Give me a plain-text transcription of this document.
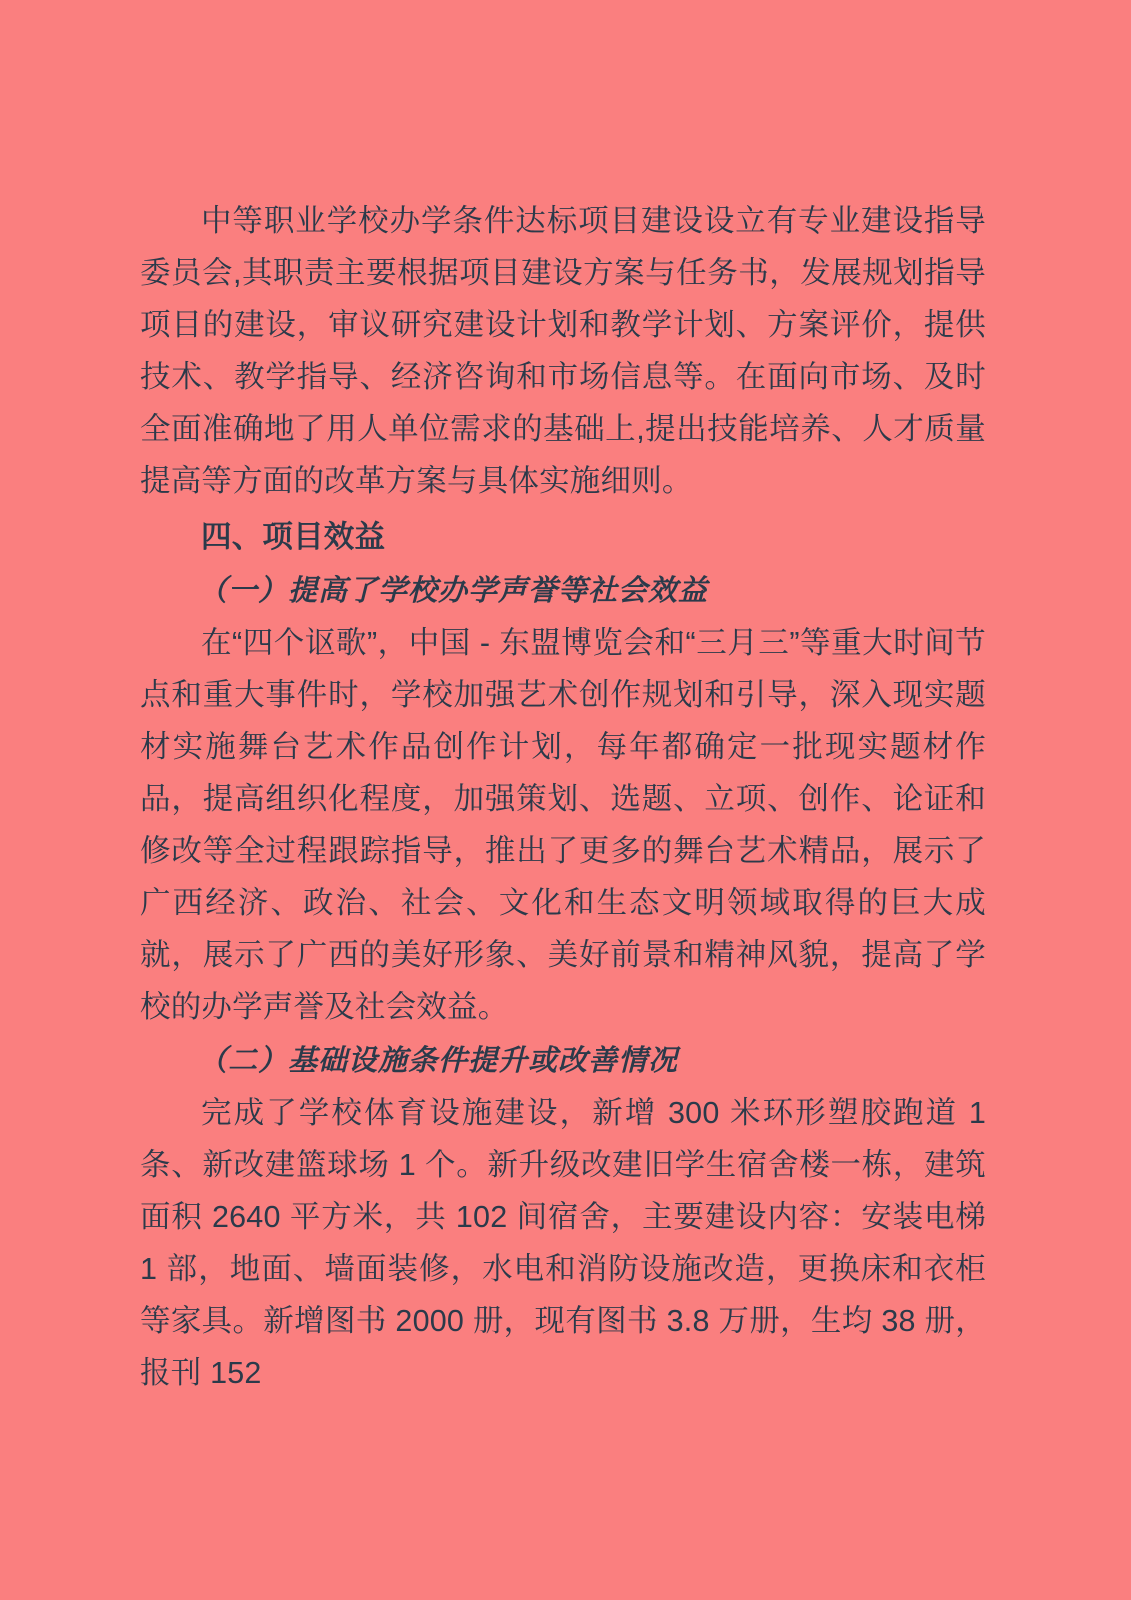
中等职业学校办学条件达标项目建设设立有专业建设指导委员会,其职责主要根据项目建设方案与任务书，发展规划指导项目的建设，审议研究建设计划和教学计划、方案评价，提供技术、教学指导、经济咨询和市场信息等。在面向市场、及时全面准确地了用人单位需求的基础上,提出技能培养、人才质量提高等方面的改革方案与具体实施细则。

四、项目效益

（一）提高了学校办学声誉等社会效益

在“四个讴歌”，中国 - 东盟博览会和“三月三”等重大时间节点和重大事件时，学校加强艺术创作规划和引导，深入现实题材实施舞台艺术作品创作计划，每年都确定一批现实题材作品，提高组织化程度，加强策划、选题、立项、创作、论证和修改等全过程跟踪指导，推出了更多的舞台艺术精品，展示了广西经济、政治、社会、文化和生态文明领域取得的巨大成就，展示了广西的美好形象、美好前景和精神风貌，提高了学校的办学声誉及社会效益。

（二）基础设施条件提升或改善情况

完成了学校体育设施建设，新增 300 米环形塑胶跑道 1 条、新改建篮球场 1 个。新升级改建旧学生宿舍楼一栋，建筑面积 2640 平方米，共 102 间宿舍，主要建设内容：安装电梯 1 部，地面、墙面装修，水电和消防设施改造，更换床和衣柜等家具。新增图书 2000 册，现有图书 3.8 万册，生均 38 册，报刊 152
